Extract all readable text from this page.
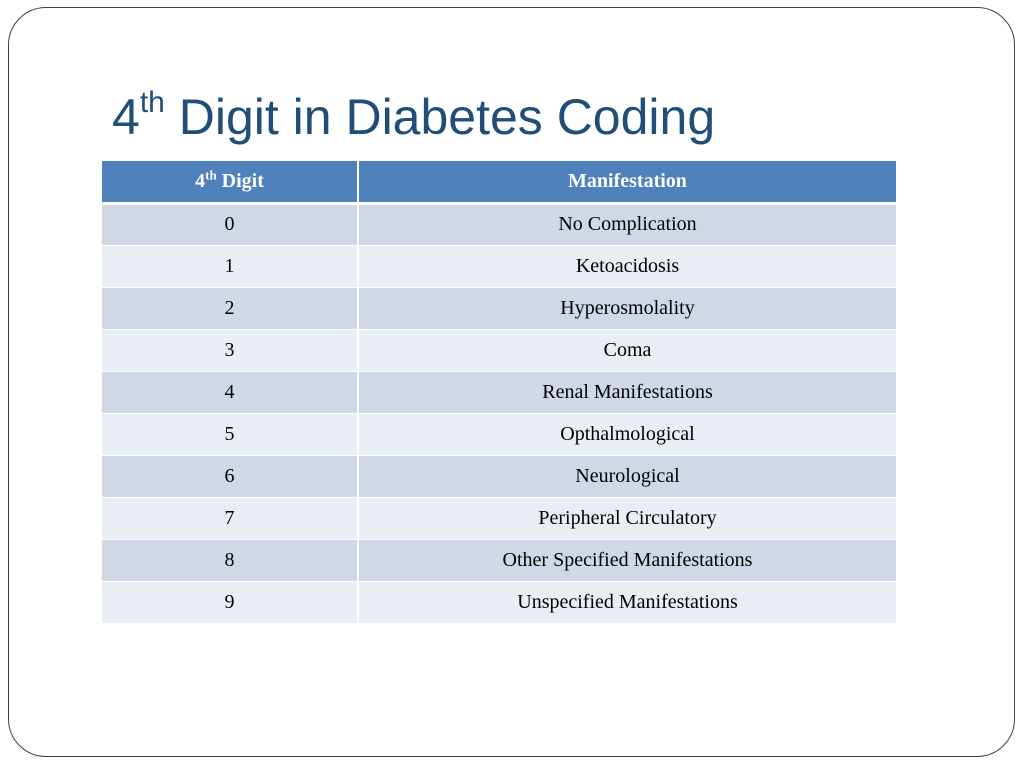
4th Digit in Diabetes Coding
4th Digit	Manifestation
0	No Complication
1	Ketoacidosis
2	Hyperosmolality
3	Coma
4	Renal Manifestations
5	Opthalmological
6	Neurological
7	Peripheral Circulatory
8	Other Specified Manifestations
9	Unspecified Manifestations
